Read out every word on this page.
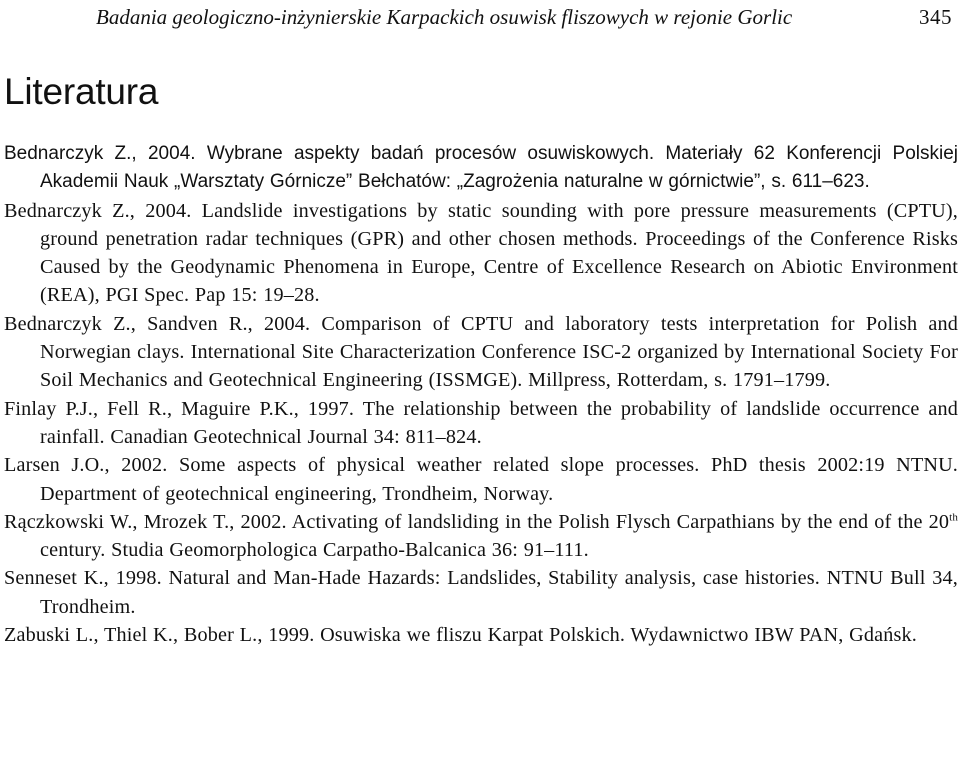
Badania geologiczno-inżynierskie Karpackich osuwisk fliszowych w rejonie Gorlic	345
Literatura
Bednarczyk Z., 2004. Wybrane aspekty badań procesów osuwiskowych. Materiały 62 Konferencji Polskiej Akademii Nauk „Warsztaty Górnicze” Bełchatów: „Zagrożenia naturalne w górnictwie”, s. 611–623.
Bednarczyk Z., 2004. Landslide investigations by static sounding with pore pressure measurements (CPTU), ground penetration radar techniques (GPR) and other chosen methods. Proceedings of the Conference Risks Caused by the Geodynamic Phenomena in Europe, Centre of Excellence Research on Abiotic Environment (REA), PGI Spec. Pap 15: 19–28.
Bednarczyk Z., Sandven R., 2004. Comparison of CPTU and laboratory tests interpretation for Polish and Norwegian clays. International Site Characterization Conference ISC-2 organized by International Society For Soil Mechanics and Geotechnical Engineering (ISSMGE). Millpress, Rotterdam, s. 1791–1799.
Finlay P.J., Fell R., Maguire P.K., 1997. The relationship between the probability of landslide occurrence and rainfall. Canadian Geotechnical Journal 34: 811–824.
Larsen J.O., 2002. Some aspects of physical weather related slope processes. PhD thesis 2002:19 NTNU. Department of geotechnical engineering, Trondheim, Norway.
Rączkowski W., Mrozek T., 2002. Activating of landsliding in the Polish Flysch Carpathians by the end of the 20th century. Studia Geomorphologica Carpatho-Balcanica 36: 91–111.
Senneset K., 1998. Natural and Man-Hade Hazards: Landslides, Stability analysis, case histories. NTNU Bull 34, Trondheim.
Zabuski L., Thiel K., Bober L., 1999. Osuwiska we fliszu Karpat Polskich. Wydawnictwo IBW PAN, Gdańsk.
